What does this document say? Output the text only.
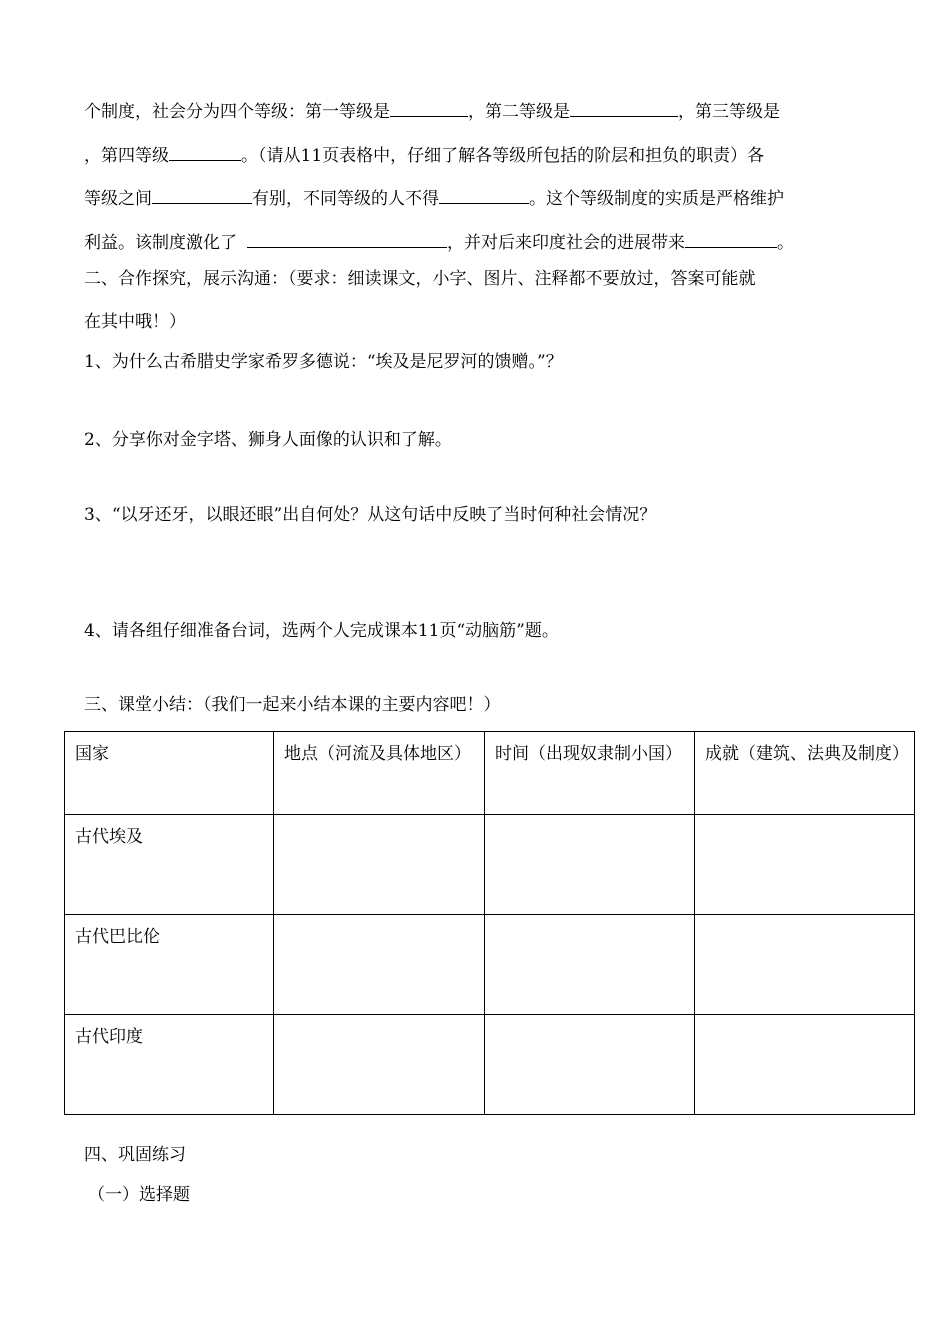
个制度，社会分为四个等级：第一等级是	，第二等级是	，第三等级是
，第四等级	。（请从11页表格中，仔细了解各等级所包括的阶层和担负的职责）各
等级之间	有别，不同等级的人不得	。这个等级制度的实质是严格维护
利益。该制度激化了	，并对后来印度社会的进展带来	。
二、合作探究，展示沟通：（要求：细读课文，小字、图片、注释都不要放过，答案可能就
在其中哦！）
1、为什么古希腊史学家希罗多德说：“埃及是尼罗河的馈赠。”？
2、分享你对金字塔、狮身人面像的认识和了解。
3、“以牙还牙，以眼还眼”出自何处？从这句话中反映了当时何种社会情况？
4、请各组仔细准备台词，选两个人完成课本11页“动脑筋”题。
三、课堂小结：（我们一起来小结本课的主要内容吧！）
国家	地点（河流及具体地区）	时间（出现奴隶制小国）	成就（建筑、法典及制度）
古代埃及			
古代巴比伦			
古代印度			
四、巩固练习
（一）选择题
